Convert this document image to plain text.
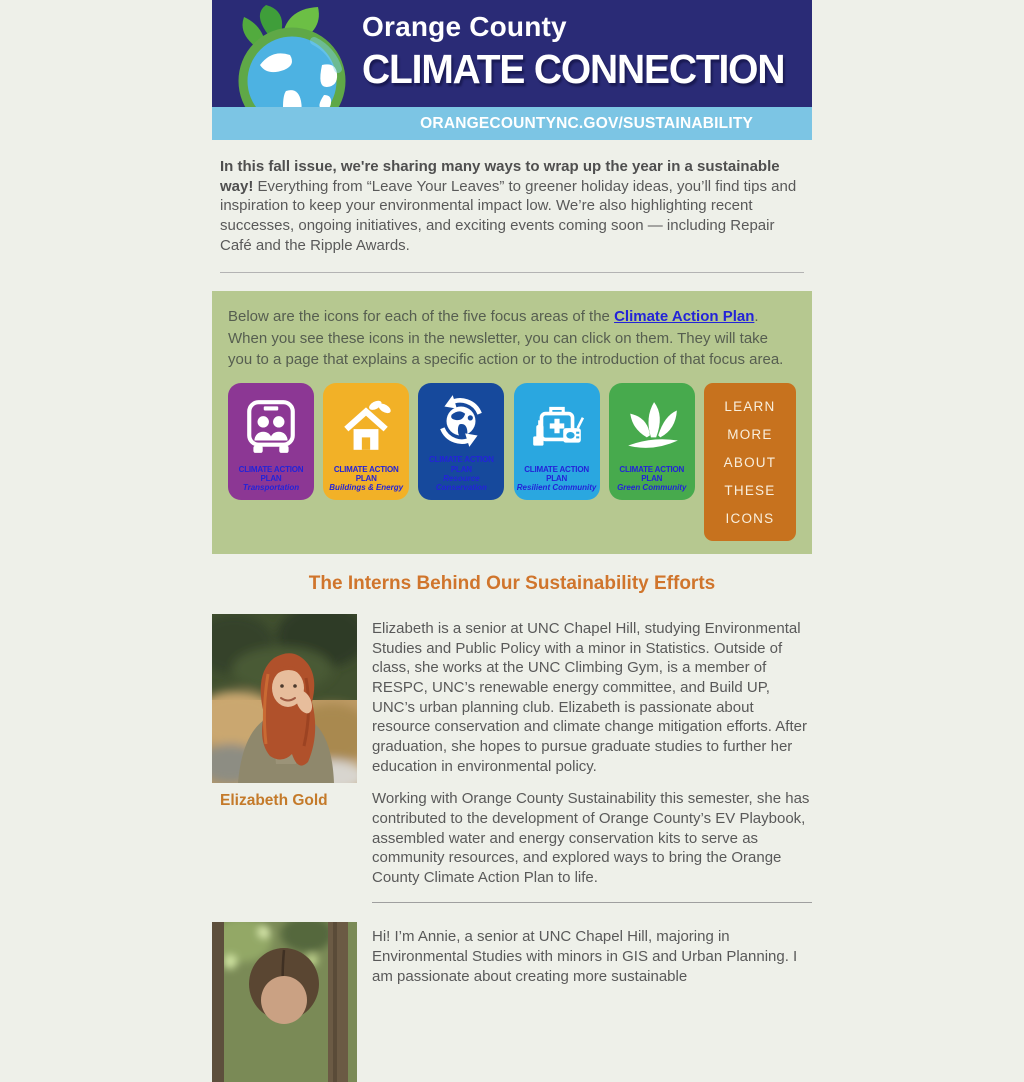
Orange County
CLIMATE CONNECTION
ORANGECOUNTYNC.GOV/SUSTAINABILITY

In this fall issue, we're sharing many ways to wrap up the year in a sustainable way! Everything from “Leave Your Leaves” to greener holiday ideas, you’ll find tips and inspiration to keep your environmental impact low. We’re also highlighting recent successes, ongoing initiatives, and exciting events coming soon — including Repair Café and the Ripple Awards.

Below are the icons for each of the five focus areas of the Climate Action Plan. When you see these icons in the newsletter, you can click on them. They will take you to a page that explains a specific action or to the introduction of that focus area.

CLIMATE ACTION PLAN
Transportation
CLIMATE ACTION PLAN
Buildings & Energy
CLIMATE ACTION PLAN
Resource Conservation
CLIMATE ACTION PLAN
Resilient Community
CLIMATE ACTION PLAN
Green Community
LEARN
MORE
ABOUT
THESE
ICONS
The Interns Behind Our Sustainability Efforts
Elizabeth Gold

Elizabeth is a senior at UNC Chapel Hill, studying Environmental Studies and Public Policy with a minor in Statistics. Outside of class, she works at the UNC Climbing Gym, is a member of RESPC, UNC’s renewable energy committee, and Build UP, UNC’s urban planning club. Elizabeth is passionate about resource conservation and climate change mitigation efforts. After graduation, she hopes to pursue graduate studies to further her education in environmental policy.

Working with Orange County Sustainability this semester, she has contributed to the development of Orange County’s EV Playbook, assembled water and energy conservation kits to serve as community resources, and explored ways to bring the Orange County Climate Action Plan to life.

Hi! I’m Annie, a senior at UNC Chapel Hill, majoring in Environmental Studies with minors in GIS and Urban Planning. I am passionate about creating more sustainable
